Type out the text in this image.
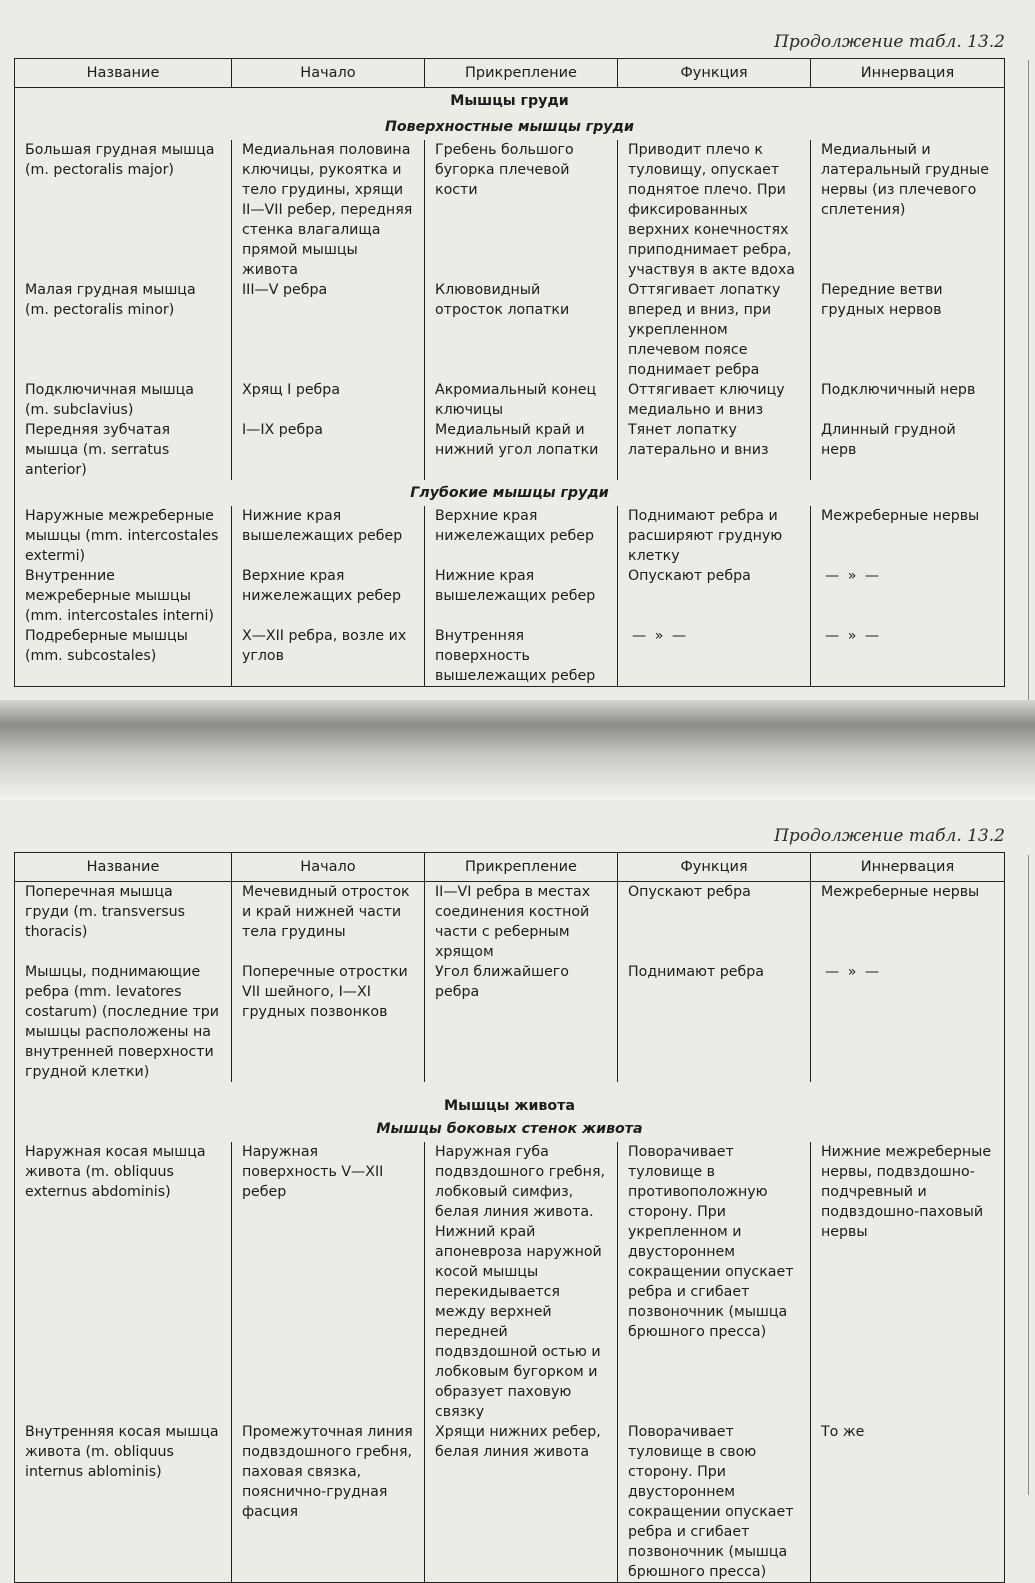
Продолжение табл. 13.2
Название	Начало	Прикрепление	Функция	Иннервация
Мышцы груди				
Поверхностные мышцы груди				
Большая грудная мышца (m. pectoralis major)	Медиальная половина ключицы, рукоятка и тело грудины, хрящи II—VII ребер, передняя стенка влагалища прямой мышцы живота	Гребень большого бугорка плечевой кости	Приводит плечо к туловищу, опускает поднятое плечо. При фиксированных верхних конечностях приподнимает ребра, участвуя в акте вдоха	Медиальный и латеральный грудные нервы (из плечевого сплетения)
Малая грудная мышца (m. pectoralis minor)	III—V ребра	Клювовидный отросток лопатки	Оттягивает лопатку вперед и вниз, при укрепленном плечевом поясе поднимает ребра	Передние ветви грудных нервов
Подключичная мышца (m. subclavius)	Хрящ I ребра	Акромиальный конец ключицы	Оттягивает ключицу медиально и вниз	Подключичный нерв
Передняя зубчатая мышца (m. serratus anterior)	I—IX ребра	Медиальный край и нижний угол лопатки	Тянет лопатку латерально и вниз	Длинный грудной нерв
Глубокие мышцы груди				
Наружные межреберные мышцы (mm. intercostales extermi)	Нижние края вышележащих ребер	Верхние края нижележащих ребер	Поднимают ребра и расширяют грудную клетку	Межреберные нервы
Внутренние межреберные мышцы (mm. intercostales interni)	Верхние края нижележащих ребер	Нижние края вышележащих ребер	Опускают ребра	— » —
Подреберные мышцы (mm. subcostales)	X—XII ребра, возле их углов	Внутренняя поверхность вышележащих ребер	— » —	— » —
Продолжение табл. 13.2
Название	Начало	Прикрепление	Функция	Иннервация
Поперечная мышца груди (m. transversus thoracis)	Мечевидный отросток и край нижней части тела грудины	II—VI ребра в местах соединения костной части с реберным хрящом	Опускают ребра	Межреберные нервы
Мышцы, поднимающие ребра (mm. levatores costarum) (последние три мышцы расположены на внутренней поверхности грудной клетки)	Поперечные отростки VII шейного, I—XI грудных позвонков	Угол ближайшего ребра	Поднимают ребра	— » —
Мышцы живота				
Мышцы боковых стенок живота				
Наружная косая мышца живота (m. obliquus externus abdominis)	Наружная поверхность V—XII ребер	Наружная губа подвздошного гребня, лобковый симфиз, белая линия живота. Нижний край апоневроза наружной косой мышцы перекидывается между верхней передней подвздошной остью и лобковым бугорком и образует паховую связку	Поворачивает туловище в противоположную сторону. При укрепленном и двустороннем сокращении опускает ребра и сгибает позвоночник (мышца брюшного пресса)	Нижние межреберные нервы, подвздошно-подчревный и подвздошно-паховый нервы
Внутренняя косая мышца живота (m. obliquus internus ablominis)	Промежуточная линия подвздошного гребня, паховая связка, пояснично-грудная фасция	Хрящи нижних ребер, белая линия живота	Поворачивает туловище в свою сторону. При двустороннем сокращении опускает ребра и сгибает позвоночник (мышца брюшного пресса)	То же
